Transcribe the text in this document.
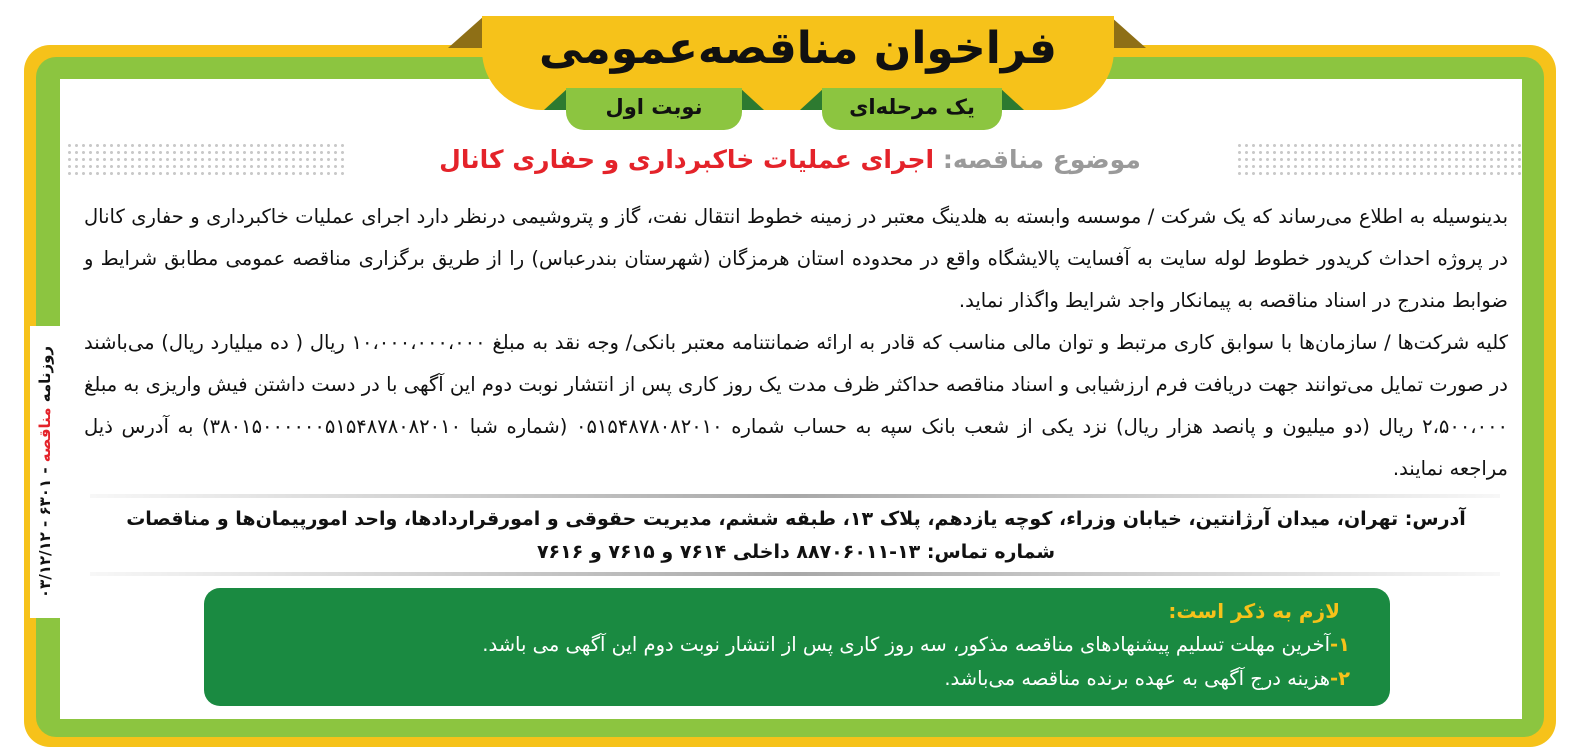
فراخوان مناقصه‌عمومی
یک مرحله‌ای
نوبت اول
موضوع مناقصه: اجرای عملیات خاکبرداری و حفاری کانال

بدینوسیله به اطلاع می‌رساند که یک شرکت / موسسه وابسته به هلدینگ معتبر در زمینه خطوط انتقال نفت، گاز و پتروشیمی درنظر دارد اجرای عملیات خاکبرداری و حفاری کانال در پروژه احداث کریدور خطوط لوله سایت به آفسایت پالایشگاه واقع در محدوده استان هرمزگان (شهرستان بندرعباس) را از طریق برگزاری مناقصه عمومی مطابق شرایط و ضوابط مندرج در اسناد مناقصه به پیمانکار واجد شرایط واگذار نماید.

کلیه شرکت‌ها / سازمان‌ها با سوابق کاری مرتبط و توان مالی مناسب که قادر به ارائه ضمانتنامه معتبر بانکی/ وجه نقد به مبلغ ۱۰،۰۰۰،۰۰۰،۰۰۰ ریال ( ده میلیارد ریال) می‌باشند در صورت تمایل می‌توانند جهت دریافت فرم ارزشیابی و اسناد مناقصه حداکثر ظرف مدت یک روز کاری پس از انتشار نوبت دوم این آگهی با در دست داشتن فیش واریزی به مبلغ ۲،۵۰۰،۰۰۰ ریال (دو میلیون و پانصد هزار ریال) نزد یکی از شعب بانک سپه به حساب شماره ۰۵۱۵۴۸۷۸۰۸۲۰۱۰ (شماره شبا ۳۸۰۱۵۰۰۰۰۰۰۵۱۵۴۸۷۸۰۸۲۰۱۰) به آدرس ذیل مراجعه نمایند.

آدرس: تهران، میدان آرژانتین، خیابان وزراء، کوچه یازدهم، پلاک ۱۳، طبقه ششم، مدیریت حقوقی و امورقراردادها، واحد امورپیمان‌ها و مناقصات

شماره تماس: ۱۳-۸۸۷۰۶۰۱۱ داخلی ۷۶۱۴ و ۷۶۱۵ و ۷۶۱۶

روزنامه مناقصه - ۶۳۰۱ - ۰۳/۱۲/۱۲
لازم به ذکر است:
۱-آخرین مهلت تسلیم پیشنهادهای مناقصه مذکور، سه روز کاری پس از انتشار نوبت دوم این آگهی می باشد.
۲-هزینه درج آگهی به عهده برنده مناقصه می‌باشد.
